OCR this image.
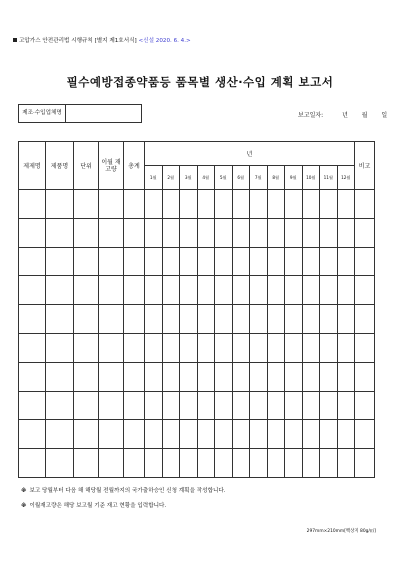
고압가스 안전관리법 시행규칙 [별지 제1호서식] <신설 2020. 6. 4.>
필수예방접종약품등 품목별 생산·수입 계획 보고서
제조·수입업체명	보고일자:	년 월 일
제제명	제품명	단위	이월 재고량	총계	년												비고
					1월	2월	3월	4월	5월	6월	7월	8월	9월	10월	11월	12월	

※ 보고 당월부터 다음 해 해당월 전월까지의 국가출하승인 신청 계획을 작성합니다.
※ 이월재고량은 해당 보고월 기준 재고 현황을 입력합니다.
297mm×210mm[백상지 80g/㎡]
